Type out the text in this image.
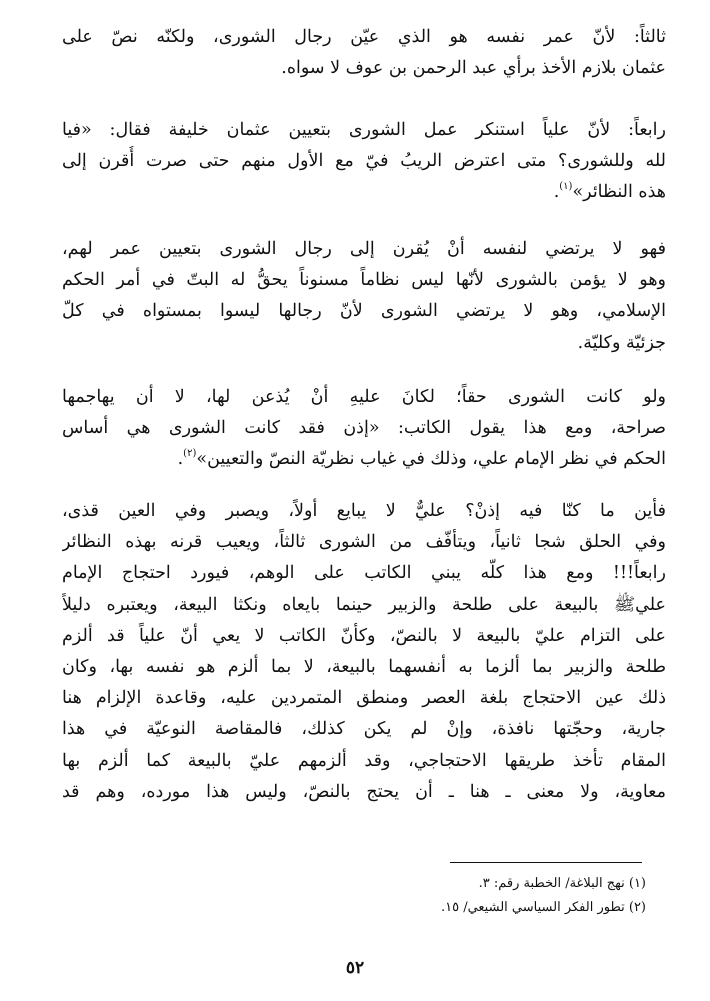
ثالثاً: لأنّ عمر نفسه هو الذي عيّن رجال الشورى، ولكنّه نصّ على
عثمان بلازم الأخذ برأي عبد الرحمن بن عوف لا سواه.

رابعاً: لأنّ علياً استنكر عمل الشورى بتعيين عثمان خليفة فقال: «فيا
لله وللشورى؟ متى اعترض الريبُ فيّ مع الأول منهم حتى صرت أُقرن إلى
هذه النظائر»$^{(١)}$.

فهو لا يرتضي لنفسه أنْ يُقرن إلى رجال الشورى بتعيين عمر لهم،
وهو لا يؤمن بالشورى لأنّها ليس نظاماً مسنوناً يحقُّ له البتّ في أمر الحكم
الإسلامي، وهو لا يرتضي الشورى لأنّ رجالها ليسوا بمستواه في كلّ
جزئيّة وكليّة.

ولو كانت الشورى حقاً؛ لكانَ عليهِ أنْ يُذعن لها، لا أن يهاجمها
صراحة، ومع هذا يقول الكاتب: «إذن فقد كانت الشورى هي أساس
الحكم في نظر الإمام علي، وذلك في غياب نظريّة النصّ والتعيين»$^{(٢)}$.

فأين ما كنّا فيه إذنْ؟ عليٌّ لا يبايع أولاً، ويصبر وفي العين قذى،
وفي الحلق شجا ثانياً، ويتأفّف من الشورى ثالثاً، ويعيب قرنه بهذه النظائر
رابعاً!!! ومع هذا كلّه يبني الكاتب على الوهم، فيورد احتجاج الإمام
علي‌ﷺ بالبيعة على طلحة والزبير حينما بايعاه ونكثا البيعة، ويعتبره دليلاً
على التزام عليّ بالبيعة لا بالنصّ، وكأنّ الكاتب لا يعي أنّ علياً قد ألزم
طلحة والزبير بما ألزما به أنفسهما بالبيعة، لا بما ألزم هو نفسه بها، وكان
ذلك عين الاحتجاج بلغة العصر ومنطق المتمردين عليه، وقاعدة الإلزام هنا
جارية، وحجّتها نافذة، وإنْ لم يكن كذلك، فالمقاصة النوعيّة في هذا
المقام تأخذ طريقها الاحتجاجي، وقد ألزمهم عليّ بالبيعة كما ألزم بها
معاوية، ولا معنى ـ هنا ـ أن يحتج بالنصّ، وليس هذا مورده، وهم قد

(١) نهج البلاغة/ الخطبة رقم: ٣.
(٢) تطور الفكر السياسي الشيعي/ ١٥.
٥٢
